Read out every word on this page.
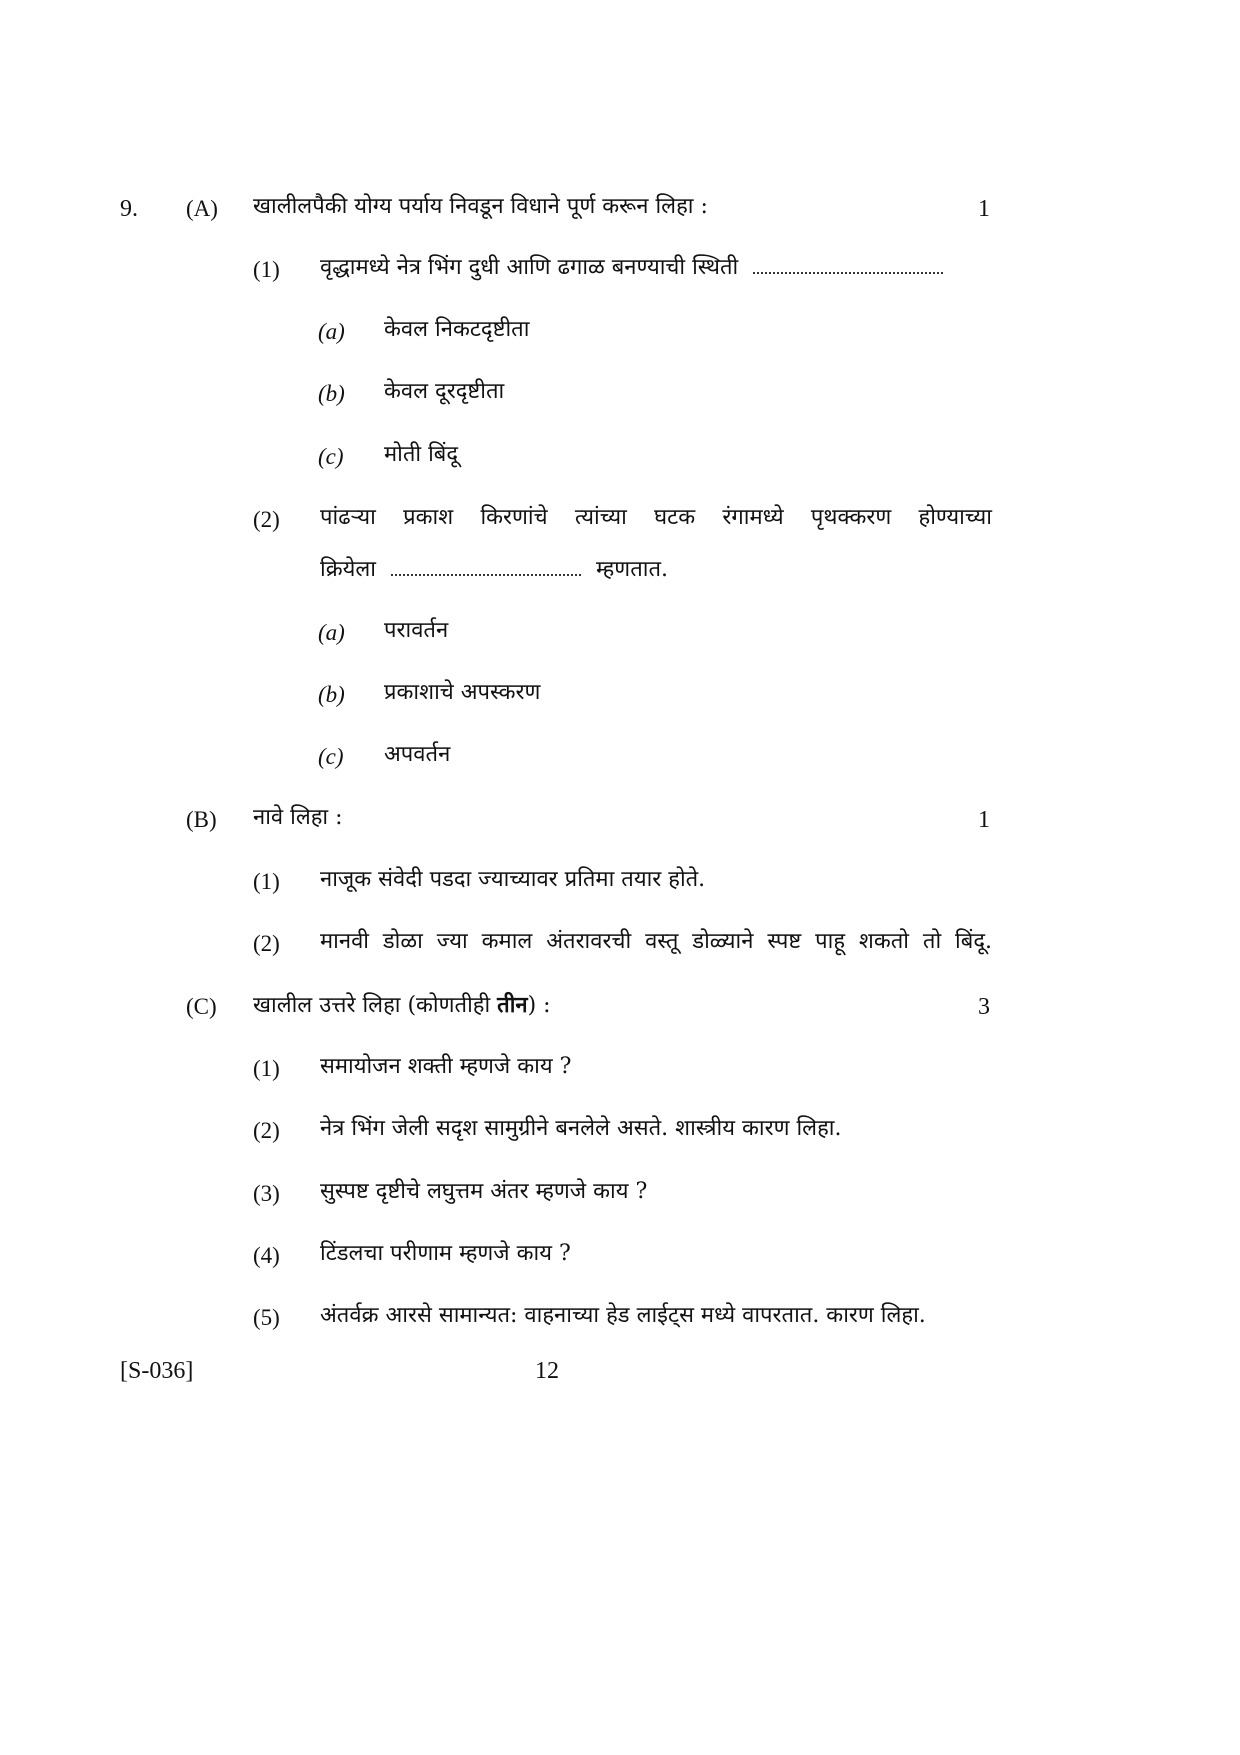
9. (A) खालीलपैकी योग्य पर्याय निवडून विधाने पूर्ण करून लिहा :	1
(1) वृद्धामध्ये नेत्र भिंग दुधी आणि ढगाळ बनण्याची स्थिती
(a) केवल निकटदृष्टीता
(b) केवल दूरदृष्टीता
(c) मोती बिंदू
(2) पांढऱ्या प्रकाश किरणांचे त्यांच्या घटक रंगामध्ये पृथक्करण होण्याच्या
क्रियेला	म्हणतात.
(a) परावर्तन
(b) प्रकाशाचे अपस्करण
(c) अपवर्तन
(B) नावे लिहा :	1
(1) नाजूक संवेदी पडदा ज्याच्यावर प्रतिमा तयार होते.
(2) मानवी डोळा ज्या कमाल अंतरावरची वस्तू डोळ्याने स्पष्ट पाहू शकतो तो बिंदू.
(C) खालील उत्तरे लिहा (कोणतीही तीन) :	3
(1) समायोजन शक्ती म्हणजे काय ?
(2) नेत्र भिंग जेली सदृश सामुग्रीने बनलेले असते. शास्त्रीय कारण लिहा.
(3) सुस्पष्ट दृष्टीचे लघुत्तम अंतर म्हणजे काय ?
(4) टिंडलचा परीणाम म्हणजे काय ?
(5) अंतर्वक्र आरसे सामान्यत: वाहनाच्या हेड लाईट्स मध्ये वापरतात. कारण लिहा.
[S-036]	12
